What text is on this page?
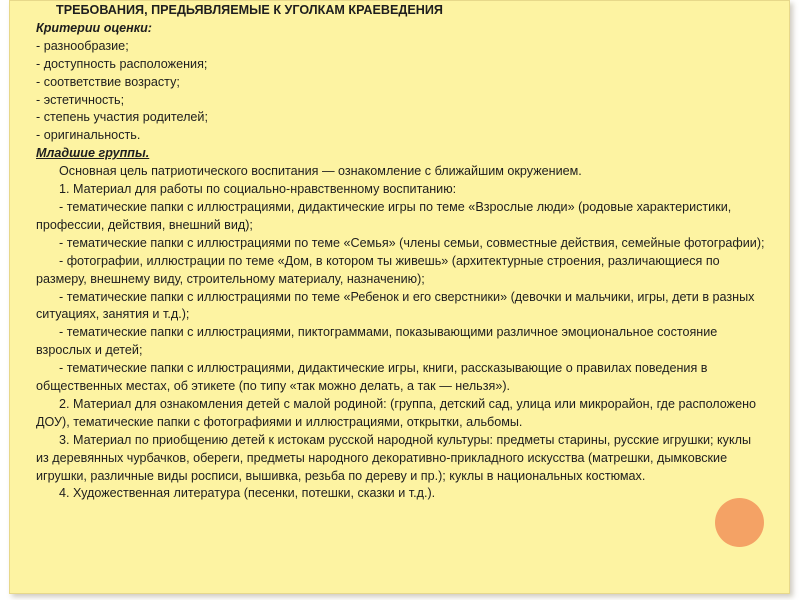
ТРЕБОВАНИЯ, ПРЕДЬЯВЛЯЕМЫЕ К УГОЛКАМ КРАЕВЕДЕНИЯ

Критерии оценки:

- разнообразие;

- доступность расположения;

- соответствие возрасту;

- эстетичность;

- степень участия родителей;

- оригинальность.

Младшие группы.

Основная цель патриотического воспитания — ознакомление с ближайшим окружением.

1. Материал для работы по социально-нравственному воспитанию:

- тематические папки с иллюстрациями, дидактические игры по теме «Взрослые люди» (родовые характеристики, профессии, действия, внешний вид);

- тематические папки с иллюстрациями по теме «Семья» (члены семьи, совместные действия, семейные фотографии);

- фотографии, иллюстрации по теме «Дом, в котором ты живешь» (архитектурные строения, различающиеся по размеру, внешнему виду, строительному материалу, назначению);

- тематические папки с иллюстрациями по теме «Ребенок и его сверстники» (девочки и мальчики, игры, дети в разных ситуациях, занятия и т.д.);

- тематические папки с иллюстрациями, пиктограммами, показывающими различное эмоциональное состояние взрослых и детей;

- тематические папки с иллюстрациями, дидактические игры, книги, рассказывающие о правилах поведения в общественных местах, об этикете (по типу «так можно делать, а так — нельзя»).

2. Материал для ознакомления детей с малой родиной: (группа, детский сад, улица или микрорайон, где расположено ДОУ), тематические папки с фотографиями и иллюстрациями, открытки, альбомы.

3. Материал по приобщению детей к истокам русской народной культуры: предметы старины, русские игрушки; куклы из деревянных чурбачков, обереги, предметы народного декоративно-прикладного искусства (матрешки, дымковские игрушки, различные виды росписи, вышивка, резьба по дереву и пр.); куклы в национальных костюмах.

4. Художественная литература (песенки, потешки, сказки и т.д.).
